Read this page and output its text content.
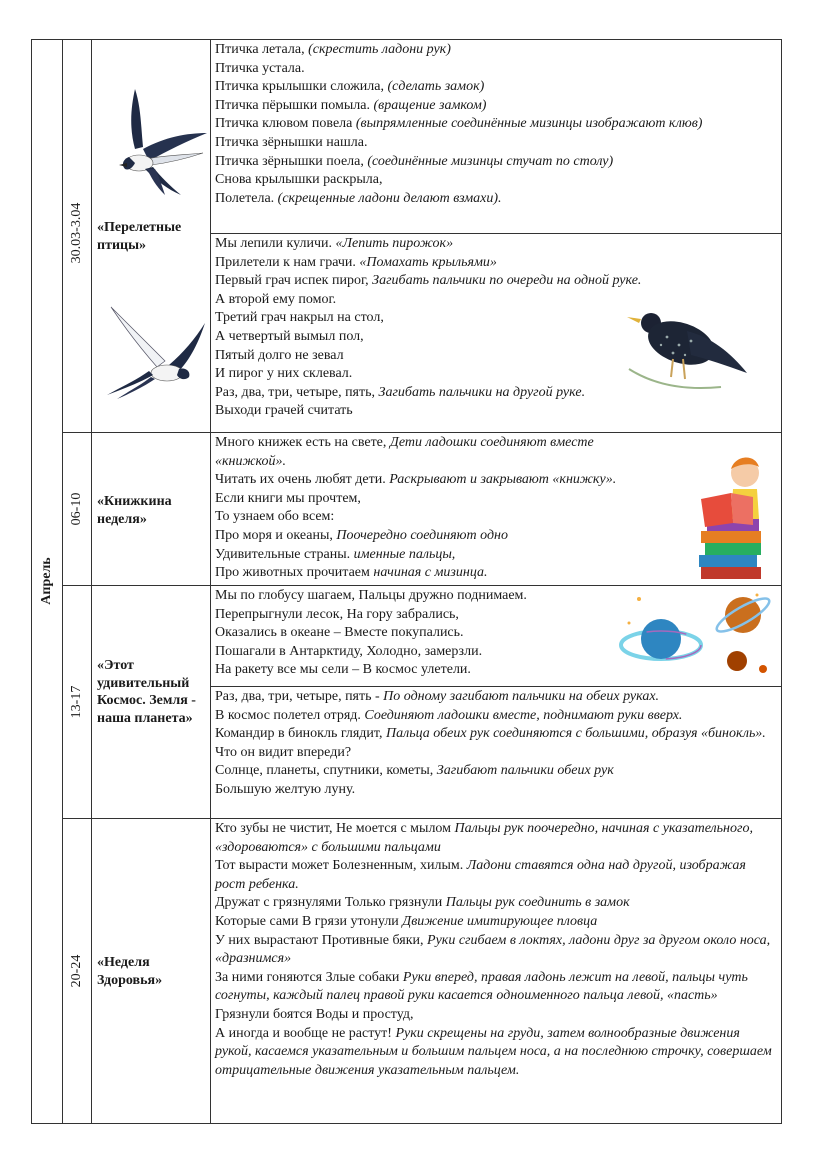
Апрель
30.03-3.04 «Перелетные птицы»
Птичка летала, (скрестить ладони рук)
Птичка устала.
Птичка крылышки сложила, (сделать замок)
Птичка пёрышки помыла. (вращение замком)
Птичка клювом повела (выпрямленные соединённые мизинцы изображают клюв)
Птичка зёрнышки нашла.
Птичка зёрнышки поела, (соединённые мизинцы стучат по столу)
Снова крылышки раскрыла,
Полетела. (скрещенные ладони делают взмахи).
Мы лепили куличи. «Лепить пирожок»
Прилетели к нам грачи. «Помахать крыльями»
Первый грач испек пирог, Загибать пальчики по очереди на одной руке.
А второй ему помог.
Третий грач накрыл на стол,
А четвертый вымыл пол,
Пятый долго не зевал
И пирог у них склевал.
Раз, два, три, четыре, пять, Загибать пальчики на другой руке.
Выходи грачей считать
06-10 «Книжкина неделя»
Много книжек есть на свете, Дети ладошки соединяют вместе
«книжкой».
Читать их очень любят дети. Раскрывают и закрывают «книжку».
Если книги мы прочтем,
То узнаем обо всем:
Про моря и океаны, Поочередно соединяют одно
Удивительные страны. именные пальцы,
Про животных прочитаем начиная с мизинца.
13-17
«Этот удивительный Космос. Земля - наша планета»
Мы по глобусу шагаем, Пальцы дружно поднимаем.
Перепрыгнули лесок, На гору забрались,
Оказались в океане – Вместе покупались.
Пошагали в Антарктиду, Холодно, замерзли.
На ракету все мы сели – В космос улетели.
Раз, два, три, четыре, пять - По одному загибают пальчики на обеих руках.
В космос полетел отряд. Соединяют ладошки вместе, поднимают руки вверх.
Командир в бинокль глядит, Пальца обеих рук соединяются с большими, образуя «бинокль».
Что он видит впереди?
Солнце, планеты, спутники, кометы, Загибают пальчики обеих рук
Большую желтую луну.
20-24 «Неделя Здоровья»
Кто зубы не чистит, Не моется с мылом Пальцы рук поочередно, начиная с указательного, «здороваются» с большими пальцами
Тот вырасти может Болезненным, хилым. Ладони ставятся одна над другой, изображая рост ребенка.
Дружат с грязнулями Только грязнули Пальцы рук соединить в замок
Которые сами В грязи утонули Движение имитирующее пловца
У них вырастают Противные бяки, Руки сгибаем в локтях, ладони друг за другом около носа, «дразнимся»
За ними гоняются Злые собаки Руки вперед, правая ладонь лежит на левой, пальцы чуть согнуты, каждый палец правой руки касается одноименного пальца левой, «пасть»
Грязнули боятся Воды и простуд,
А иногда и вообще не растут! Руки скрещены на груди, затем волнообразные движения рукой, касаемся указательным и большим пальцем носа, а на последнюю строчку, совершаем отрицательные движения указательным пальцем.
